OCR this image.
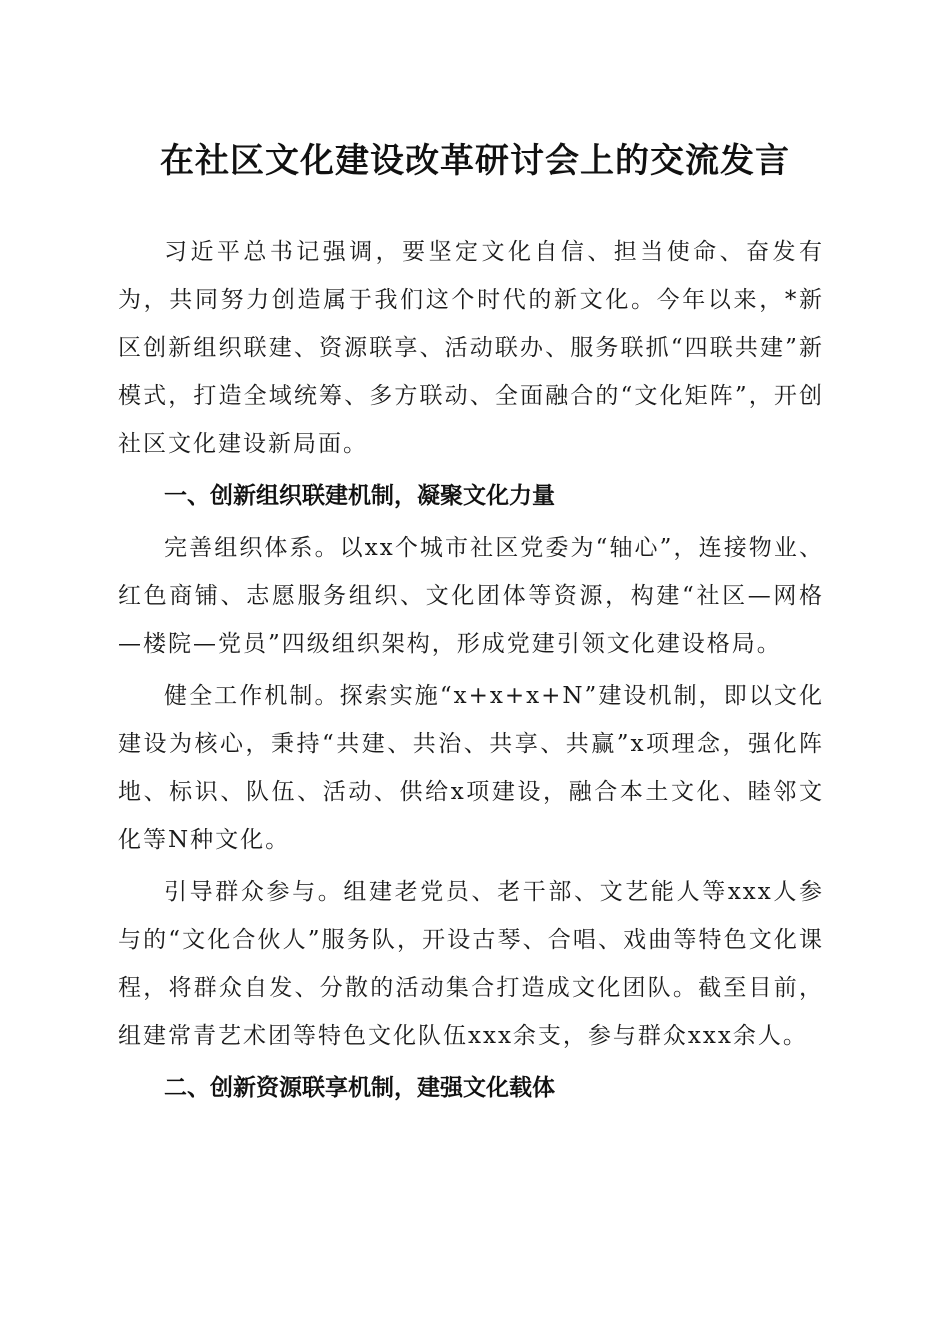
在社区文化建设改革研讨会上的交流发言

习近平总书记强调，要坚定文化自信、担当使命、奋发有为，共同努力创造属于我们这个时代的新文化。今年以来，*新区创新组织联建、资源联享、活动联办、服务联抓“四联共建”新模式，打造全域统筹、多方联动、全面融合的“文化矩阵”，开创社区文化建设新局面。

一、创新组织联建机制，凝聚文化力量

完善组织体系。以xx个城市社区党委为“轴心”，连接物业、红色商铺、志愿服务组织、文化团体等资源，构建“社区—网格—楼院—党员”四级组织架构，形成党建引领文化建设格局。

健全工作机制。探索实施“x+x+x+N”建设机制，即以文化建设为核心，秉持“共建、共治、共享、共赢”x项理念，强化阵地、标识、队伍、活动、供给x项建设，融合本土文化、睦邻文化等N种文化。

引导群众参与。组建老党员、老干部、文艺能人等xxx人参与的“文化合伙人”服务队，开设古琴、合唱、戏曲等特色文化课程，将群众自发、分散的活动集合打造成文化团队。截至目前，组建常青艺术团等特色文化队伍xxx余支，参与群众xxx余人。

二、创新资源联享机制，建强文化载体
